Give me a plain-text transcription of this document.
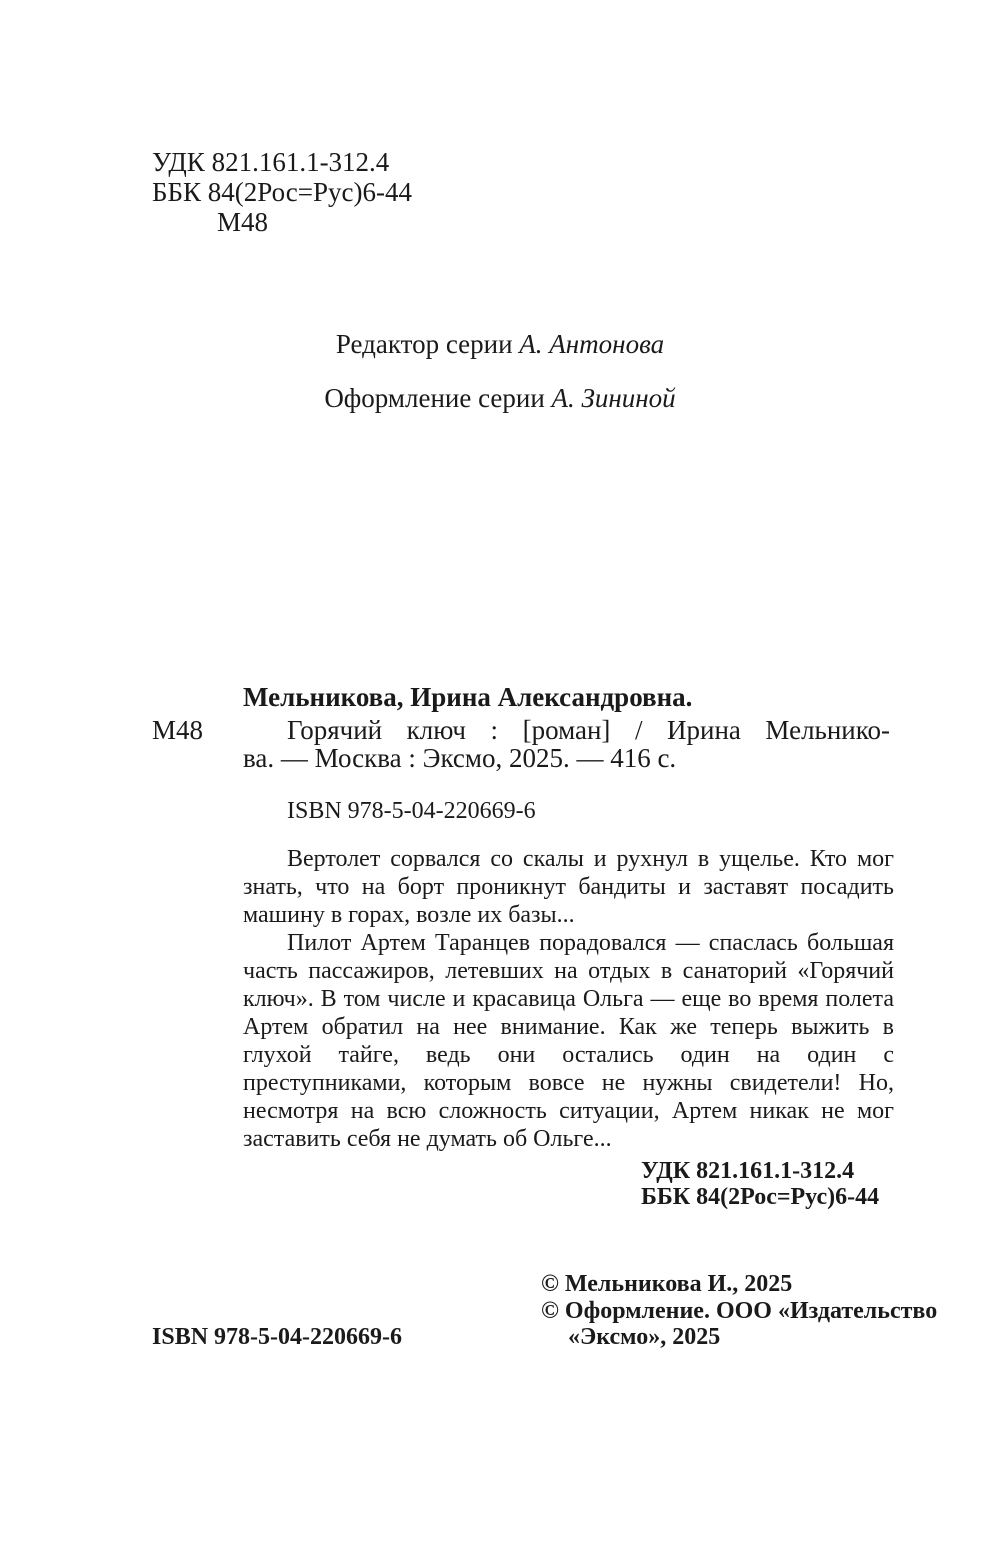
УДК 821.161.1-312.4
ББК 84(2Рос=Рус)6-44
М48
Редактор серии А. Антонова
Оформление серии А. Зининой
Мельникова, Ирина Александровна.
М48	Горячий ключ : [роман] / Ирина Мельнико-
ва. — Москва : Эксмо, 2025. — 416 с.
ISBN 978-5-04-220669-6

Вертолет сорвался со скалы и рухнул в ущелье. Кто мог знать, что на борт проникнут бандиты и заставят посадить машину в горах, возле их базы...

Пилот Артем Таранцев порадовался — спаслась большая часть пассажиров, летевших на отдых в санаторий «Горячий ключ». В том числе и красавица Ольга — еще во время полета Артем обратил на нее внимание. Как же теперь выжить в глухой тайге, ведь они остались один на один с преступниками, которым вовсе не нужны свидетели! Но, несмотря на всю сложность ситуации, Артем никак не мог заставить себя не думать об Ольге...

УДК 821.161.1-312.4
ББК 84(2Рос=Рус)6-44
© Мельникова И., 2025
© Оформление. ООО «Издательство
«Эксмо», 2025
ISBN 978-5-04-220669-6
